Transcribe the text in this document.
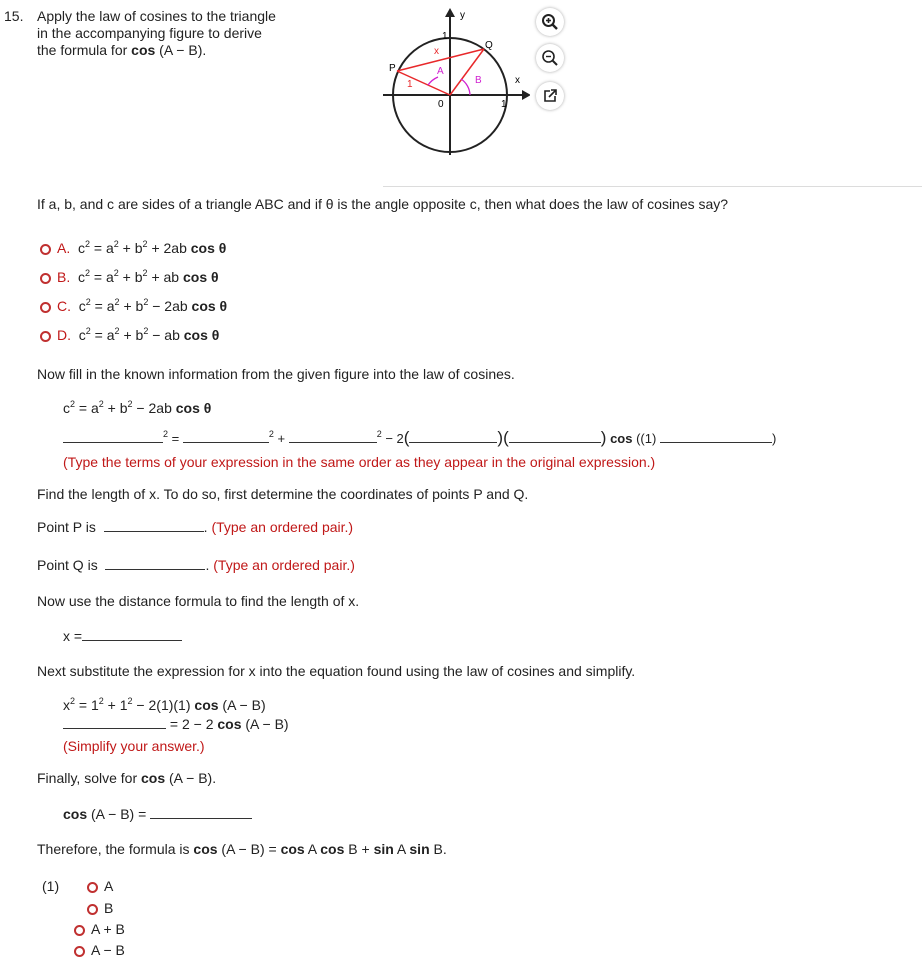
15. Apply the law of cosines to the triangle
in the accompanying figure to derive
the formula for cos (A − B).
y
x
1
1
0	1
P
Q
x
A
B
If a, b, and c are sides of a triangle ABC and if θ is the angle opposite c, then what does the law of cosines say?
A.  $c^2 = a^2 + b^2 + 2ab$ cos θ
B.  $c^2 = a^2 + b^2$ + ab cos θ
C.  $c^2 = a^2 + b^2 - 2ab$ cos θ
D.  $c^2 = a^2 + b^2$ − ab cos θ
Now fill in the known information from the given figure into the law of cosines.
$c^2 = a^2 + b^2 - 2ab$ cos θ
$^2$ =	$^2$ +	$^2$ − 2(	)(	) cos ((1)	)
(Type the terms of your expression in the same order as they appear in the original expression.)
Find the length of x. To do so, first determine the coordinates of points P and Q.
Point P is	. (Type an ordered pair.)
Point Q is	. (Type an ordered pair.)
Now use the distance formula to find the length of x.
x =
Next substitute the expression for x into the equation found using the law of cosines and simplify.
$x^2 = 1^2 + 1^2 - 2(1)(1)$ cos (A − B)
= 2 − 2 cos (A − B)
(Simplify your answer.)
Finally, solve for cos (A − B).
cos (A − B) =
Therefore, the formula is cos (A − B) = cos A cos B + sin A sin B.
(1)	A
B
A + B
A − B
